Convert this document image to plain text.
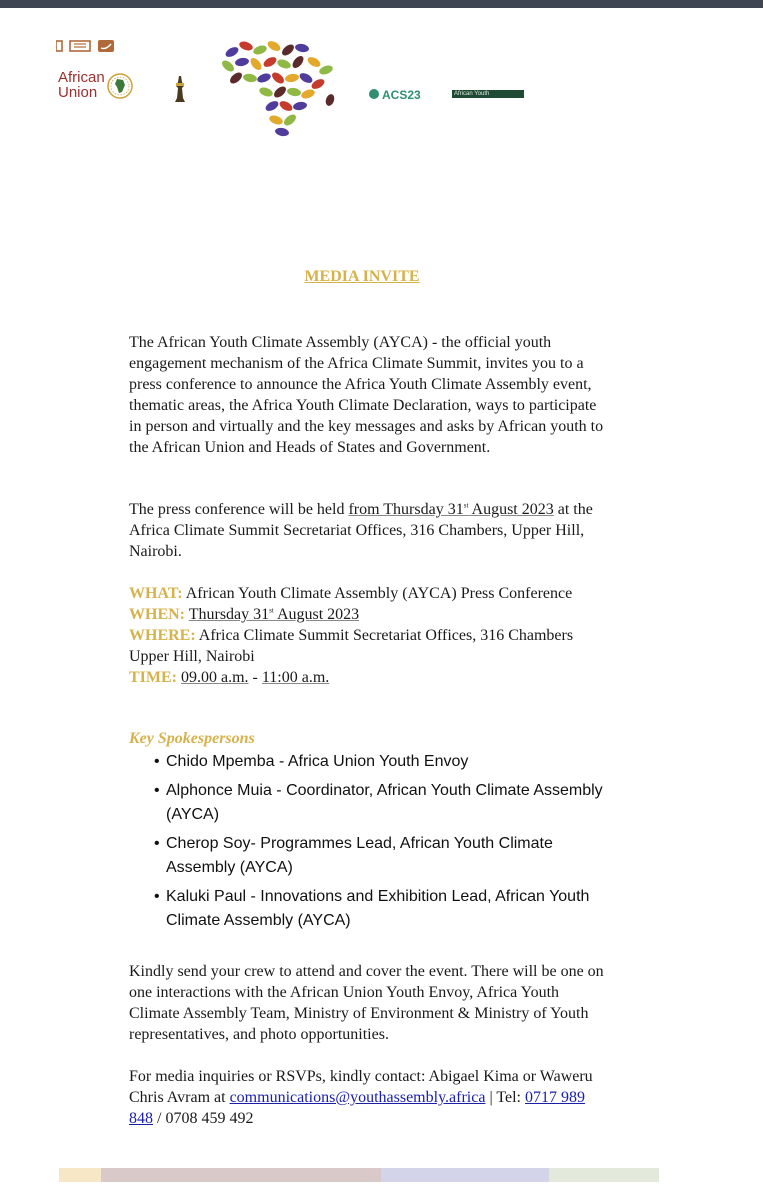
African
Union	ACS23	African Youth
MEDIA INVITE

The African Youth Climate Assembly (AYCA) - the official youth engagement mechanism of the Africa Climate Summit, invites you to a press conference to announce the Africa Youth Climate Assembly event, thematic areas, the Africa Youth Climate Declaration, ways to participate in person and virtually and the key messages and asks by African youth to the African Union and Heads of States and Government.

The press conference will be held from Thursday 31st August 2023 at the Africa Climate Summit Secretariat Offices, 316 Chambers, Upper Hill, Nairobi.

WHAT: African Youth Climate Assembly (AYCA) Press Conference
WHEN: Thursday 31st August 2023
WHERE: Africa Climate Summit Secretariat Offices, 316 Chambers Upper Hill, Nairobi
TIME: 09.00 a.m. - 11:00 a.m.

Key Spokespersons
• Chido Mpemba - Africa Union Youth Envoy
• Alphonce Muia - Coordinator, African Youth Climate Assembly (AYCA)
• Cherop Soy- Programmes Lead, African Youth Climate Assembly (AYCA)
• Kaluki Paul - Innovations and Exhibition Lead, African Youth Climate Assembly (AYCA)

Kindly send your crew to attend and cover the event. There will be one on one interactions with the African Union Youth Envoy, Africa Youth Climate Assembly Team, Ministry of Environment & Ministry of Youth representatives, and photo opportunities.

For media inquiries or RSVPs, kindly contact: Abigael Kima or Waweru Chris Avram at communications@youthassembly.africa | Tel: 0717 989 848 / 0708 459 492
